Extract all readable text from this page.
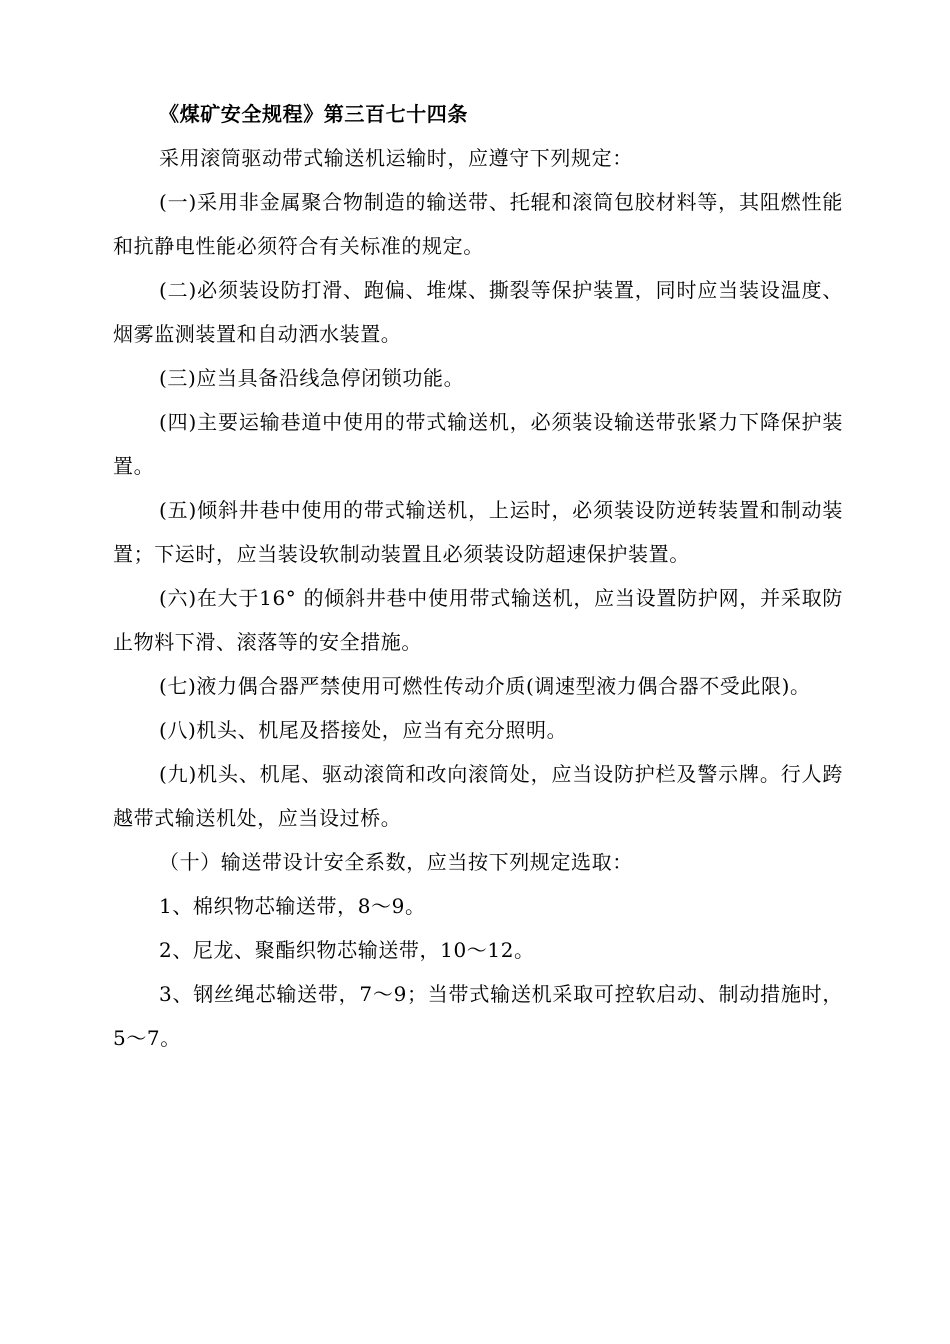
《煤矿安全规程》第三百七十四条

采用滚筒驱动带式输送机运输时，应遵守下列规定：

(一)采用非金属聚合物制造的输送带、托辊和滚筒包胶材料等，其阻燃性能和抗静电性能必须符合有关标准的规定。

(二)必须装设防打滑、跑偏、堆煤、撕裂等保护装置，同时应当装设温度、烟雾监测装置和自动洒水装置。

(三)应当具备沿线急停闭锁功能。

(四)主要运输巷道中使用的带式输送机，必须装设输送带张紧力下降保护装置。

(五)倾斜井巷中使用的带式输送机，上运时，必须装设防逆转装置和制动装置；下运时，应当装设软制动装置且必须装设防超速保护装置。

(六)在大于16° 的倾斜井巷中使用带式输送机，应当设置防护网，并采取防止物料下滑、滚落等的安全措施。

(七)液力偶合器严禁使用可燃性传动介质(调速型液力偶合器不受此限)。

(八)机头、机尾及搭接处，应当有充分照明。

(九)机头、机尾、驱动滚筒和改向滚筒处，应当设防护栏及警示牌。行人跨越带式输送机处，应当设过桥。

（十）输送带设计安全系数，应当按下列规定选取：

1、棉织物芯输送带，8～9。

2、尼龙、聚酯织物芯输送带，10～12。

3、钢丝绳芯输送带，7～9；当带式输送机采取可控软启动、制动措施时，5～7。
